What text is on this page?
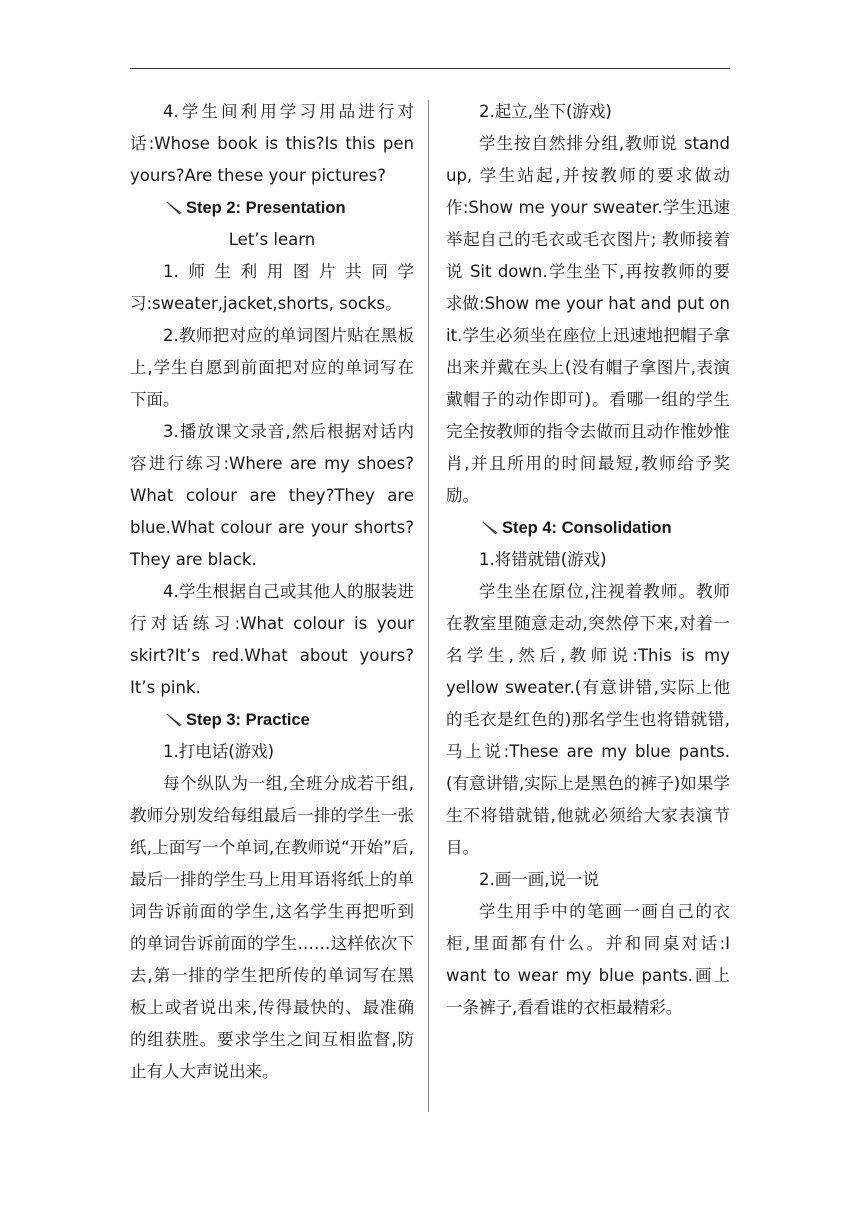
4.学生间利用学习用品进行对话:Whose book is this?Is this pen yours?Are these your pictures?

Step 2: Presentation

Let’s learn

1.师生利用图片共同学习:sweater,jacket,shorts, socks。

2.教师把对应的单词图片贴在黑板上,学生自愿到前面把对应的单词写在下面。

3.播放课文录音,然后根据对话内容进行练习:Where are my shoes?What colour are they?They are blue.What colour are your shorts?They are black.

4.学生根据自己或其他人的服装进行对话练习:What colour is your skirt?It’s red.What about yours?It’s pink.

Step 3: Practice

1.打电话(游戏)

每个纵队为一组,全班分成若干组,教师分别发给每组最后一排的学生一张纸,上面写一个单词,在教师说“开始”后,最后一排的学生马上用耳语将纸上的单词告诉前面的学生,这名学生再把听到的单词告诉前面的学生……这样依次下去,第一排的学生把所传的单词写在黑板上或者说出来,传得最快的、最准确的组获胜。要求学生之间互相监督,防止有人大声说出来。

2.起立,坐下(游戏)

学生按自然排分组,教师说 stand up, 学生站起,并按教师的要求做动作:Show me your sweater.学生迅速举起自己的毛衣或毛衣图片; 教师接着说 Sit down.学生坐下,再按教师的要求做:Show me your hat and put on it.学生必须坐在座位上迅速地把帽子拿出来并戴在头上(没有帽子拿图片,表演戴帽子的动作即可)。看哪一组的学生完全按教师的指令去做而且动作惟妙惟肖,并且所用的时间最短,教师给予奖励。

Step 4: Consolidation

1.将错就错(游戏)

学生坐在原位,注视着教师。教师在教室里随意走动,突然停下来,对着一名学生,然后,教师说:This is my yellow sweater.(有意讲错,实际上他的毛衣是红色的)那名学生也将错就错,马上说:These are my blue pants.(有意讲错,实际上是黑色的裤子)如果学生不将错就错,他就必须给大家表演节目。

2.画一画,说一说

学生用手中的笔画一画自己的衣柜,里面都有什么。并和同桌对话:I want to wear my blue pants.画上一条裤子,看看谁的衣柜最精彩。
